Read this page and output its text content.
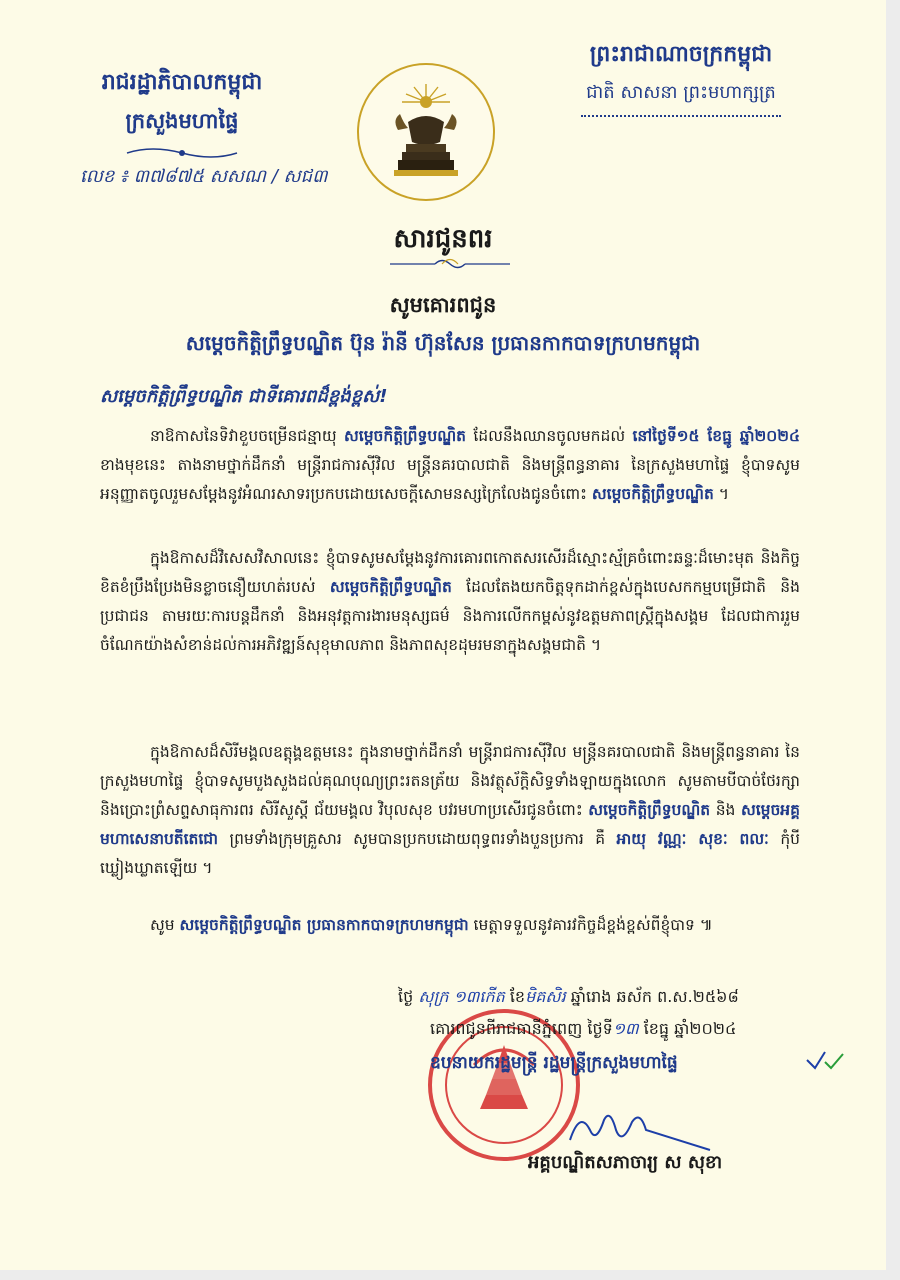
រាជរដ្ឋាភិបាលកម្ពុជា
ក្រសួងមហាផ្ទៃ
លេខ ៖ ៣៧៨៧៥ សសណ / សជ៣
ព្រះរាជាណាចក្រកម្ពុជា
ជាតិ សាសនា ព្រះមហាក្សត្រ
សារជូនពរ
សូមគោរពជូន
សម្តេចកិត្តិព្រឹទ្ធបណ្ឌិត ប៊ុន រ៉ានី ហ៊ុនសែន ប្រធានកាកបាទក្រហមកម្ពុជា
សម្តេចកិត្តិព្រឹទ្ធបណ្ឌិត ជាទីគោរពដ៏ខ្ពង់ខ្ពស់!
នាឱកាសនៃទិវាខួបចម្រើនជន្មាយុ សម្តេចកិត្តិព្រឹទ្ធបណ្ឌិត ដែលនឹងឈានចូលមកដល់ នៅថ្ងៃទី១៥ ខែធ្នូ ឆ្នាំ២០២៤ ខាងមុខនេះ តាងនាមថ្នាក់ដឹកនាំ មន្ត្រីរាជការស៊ីវិល មន្ត្រីនគរបាលជាតិ និងមន្ត្រីពន្ធនាគារ នៃក្រសួងមហាផ្ទៃ ខ្ញុំបាទសូមអនុញ្ញាតចូលរួមសម្តែងនូវអំណរសាទរប្រកបដោយសេចក្តីសោមនស្សក្រៃលែងជូនចំពោះ សម្តេចកិត្តិព្រឹទ្ធបណ្ឌិត ។
ក្នុងឱកាសដ៏វិសេសវិសាលនេះ ខ្ញុំបាទសូមសម្តែងនូវការគោរពកោតសរសើរដ៏ស្មោះស្ម័គ្រចំពោះឆន្ទៈដ៏មោះមុត និងកិច្ចខិតខំប្រឹងប្រែងមិនខ្លាចនឿយហត់របស់ សម្តេចកិត្តិព្រឹទ្ធបណ្ឌិត ដែលតែងយកចិត្តទុកដាក់ខ្ពស់ក្នុងបេសកកម្មបម្រើជាតិ និងប្រជាជន តាមរយៈការបន្តដឹកនាំ និងអនុវត្តការងារមនុស្សធម៌ និងការលើកកម្ពស់នូវឧត្តមភាពស្ត្រីក្នុងសង្គម ដែលជាការរួមចំណែកយ៉ាងសំខាន់ដល់ការអភិវឌ្ឍន៍សុខុមាលភាព និងភាពសុខដុមរមនាក្នុងសង្គមជាតិ ។
ក្នុងឱកាសដ៏សិរីមង្គលឧត្តុង្គឧត្តមនេះ ក្នុងនាមថ្នាក់ដឹកនាំ មន្ត្រីរាជការស៊ីវិល មន្ត្រីនគរបាលជាតិ និងមន្ត្រីពន្ធនាគារ នៃក្រសួងមហាផ្ទៃ ខ្ញុំបាទសូមបួងសួងដល់គុណបុណ្យព្រះរតនត្រ័យ និងវត្ថុស័ក្តិសិទ្ធទាំងឡាយក្នុងលោក សូមតាមបីបាច់ថែរក្សា និងប្រោះព្រំសព្ទសាធុការពរ សិរីសួស្តី ជ័យមង្គល វិបុលសុខ បវរមហាប្រសើរជូនចំពោះ សម្តេចកិត្តិព្រឹទ្ធបណ្ឌិត និង សម្តេចអគ្គមហាសេនាបតីតេជោ ព្រមទាំងក្រុមគ្រួសារ សូមបានប្រកបដោយពុទ្ធពរទាំងបួនប្រការ គឺ អាយុ វណ្ណៈ សុខៈ ពលៈ កុំបីឃ្លៀងឃ្លាតឡើយ ។
សូម សម្តេចកិត្តិព្រឹទ្ធបណ្ឌិត ប្រធានកាកបាទក្រហមកម្ពុជា មេត្តាទទួលនូវគារវកិច្ចដ៏ខ្ពង់ខ្ពស់ពីខ្ញុំបាទ ៕
ថ្ងៃ សុក្រ ១៣កើត ខែមិគសិរ ឆ្នាំរោង ឆស័ក ព.ស.២៥៦៨
គោរពជូនពីរាជធានីភ្នំពេញ ថ្ងៃទី១៣ ខែធ្នូ ឆ្នាំ២០២៤
ឧបនាយករដ្ឋមន្ត្រី រដ្ឋមន្ត្រីក្រសួងមហាផ្ទៃ
អគ្គបណ្ឌិតសភាចារ្យ ស សុខា
